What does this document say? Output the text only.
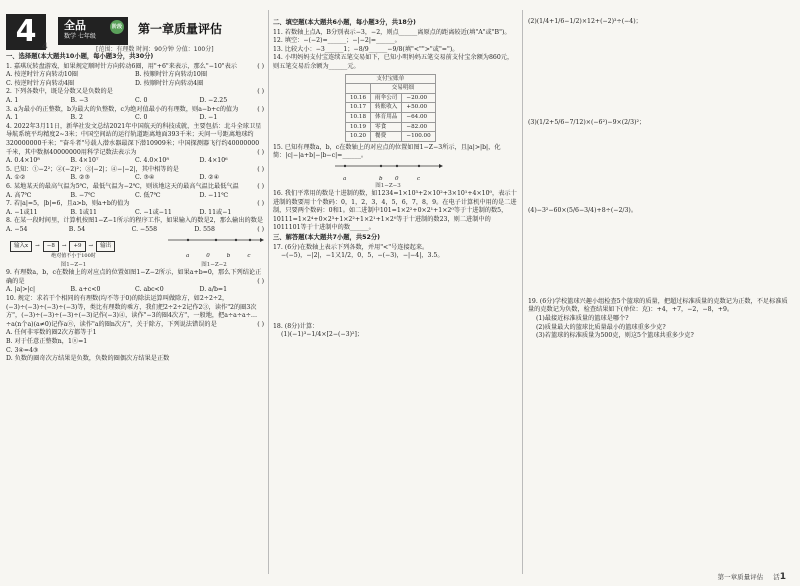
4 4
全品
数学 七年级
阶段 第一章质量评估
[范围：有理数 时间：90分钟 分值：100分]
一、选择题(本大题共10小题，每小题3分，共30分)

1. 嘉琪玩转盘游戏，如果规定顺时针方向转动6圈，用"+6"来表示，那么"−10"表示	( )

A. 按逆时针方向转动10圈	B. 按顺时针方向转动10圈
C. 按逆时针方向转动4圈	D. 按顺时针方向转动4圈

2. 下列各数中，既是分数又是负数的是	( )

A. 1	B. −3	C. 0	D. −2.25

3. a为最小的正整数，b为最大的负整数，c为绝对值最小的有理数，则a−b+c的值为	( )

A. 1	B. 2	C. 0	D. −1

4. 2022年3月11日，新华社发文总结2021年中国航天的科技成就，主要包括：北斗全球卫星导航系统平均精度2~3米；中国空间站的运行轨道距离地面393千米；天问一号距离地球约320000000千米；"奋斗者"号载人潜水器最深下潜10909米；中国探测器飞行约40000000千米，其中数据40000000用科学记数法表示为	( )

A. 0.4×10⁸	B. 4×10⁷	C. 4.0×10⁸	D. 4×10⁶

5. 已知：①−2²；②(−2)²；③|−2|；④−|−2|，其中相等的是	( )

A. ①②	B. ②③	C. ③④	D. ②④

6. 某地某天的最高气温为5℃，最低气温为−2℃，则该地这天的最高气温比最低气温	( )

A. 高7℃	B. −7℃	C. 低7℃	D. −11℃

7. 若|a|=5，|b|=6，且a>b，则a+b的值为	( )

A. −1或11	B. 1或11	C. −1或−11	D. 11或−1

8. 在某一段时间里，计算机按图1−Z−1所示的程序工作，如果输入的数是2，那么输出的数是
( )

A. −54	B. 54	C. −558	D. 558
输入x	→	−8	→	+9	→	输出
绝对值不小于100时
图1−Z−1
a	0	b	c
图1−Z−2

9. 有理数a，b，c在数轴上的对应点的位置如图1−Z−2所示，如果a+b=0，那么下列结论正确的是	( )

A. |a|>|c|	B. a+c<0	C. abc<0	D. a/b=1

10. 规定：求若干个相同的有理数(均不等于0)的除法运算叫做除方，如2÷2÷2，(−3)÷(−3)÷(−3)÷(−3)等，类比有理数的乘方，我们把2÷2÷2记作2③，读作"2的圈3次方"，(−3)÷(−3)÷(−3)÷(−3)记作(−3)④，读作"−3的圈4次方"，一般地，把a÷a÷a÷…÷a(n个a)(a≠0)记作aⓝ，读作"a的圈n次方"，关于除方，下列说法错误的是	( )

A. 任何非零数的圈2次方都等于1
B. 对于任意正整数n，1ⓝ=1
C. 3④=4③
D. 负数的圈奇次方结果是负数，负数的圈偶次方结果是正数
二、填空题(本大题共6小题，每小题3分，共18分)

11. 若数轴上点A，B分别表示−3，−2，则点______离原点的距离较近(填"A"或"B")。

12. 填空：−(−2)=______；−|−2|=______。

13. 比较大小：−3______1；−8/9______−9/8(填"<"">"或"=")。

14. 小明妈妈支付宝连续五笔交易如下，已知小明妈妈五笔交易前支付宝余额为860元，则五笔交易后余额为______元。

支付宝账单		
	交易明细	
10.16	雨伞公司	−20.00
10.17	转账收入	+50.00
10.18	体育用品	−64.00
10.19	零食	−82.00
10.20	餐费	−100.00

15. 已知有理数a，b，c在数轴上的对应点的位置如图1−Z−3所示，且|a|>|b|，化简：|c|−|a+b|−|b−c|=______。

a	b 0	c
图1−Z−3

16. 我们平常用的数是十进制的数，如1234=1×10³+2×10²+3×10¹+4×10⁰，表示十进制的数要用十个数码：0，1，2，3，4，5，6，7，8，9。在电子计算机中用的是二进制，只要两个数码：0和1。如二进制中101=1×2²+0×2¹+1×2⁰等于十进制的数5，10111=1×2⁴+0×2³+1×2²+1×2¹+1×2⁰等于十进制的数23，则二进制中的1011101等于十进制中的数______。

三、解答题(本大题共7小题，共52分)

17. (6分)在数轴上表示下列各数，并用"<"号连接起来。

−(−5)，−|2|，−1又1/2，0，5，−(−3)，−|−4|，3.5。

18. (8分)计算：

(1)(−1)³−1/4×[2−(−3)²]；

(2)(1/4+1/6−1/2)×12+(−2)³÷(−4)；

(3)(1/2+5/6−7/12)×(−6²)−9×(2/3)²；

(4)−3²−60×(5/6−3/4)+8÷(−2/3)。

19. (6分)学校篮球兴趣小组检查5个篮球的质量，把超过标准质量的克数记为正数，不足标准质量的克数记为负数，检查结果如下(单位：克)：+4，+7，−2，−8，+9。

(1)最接近标准质量的篮球是哪个?

(2)质量最大的篮球比质量最小的篮球重多少克?

(3)若篮球的标准质量为500克，则这5个篮球共重多少克?

第一章质量评估 活1
